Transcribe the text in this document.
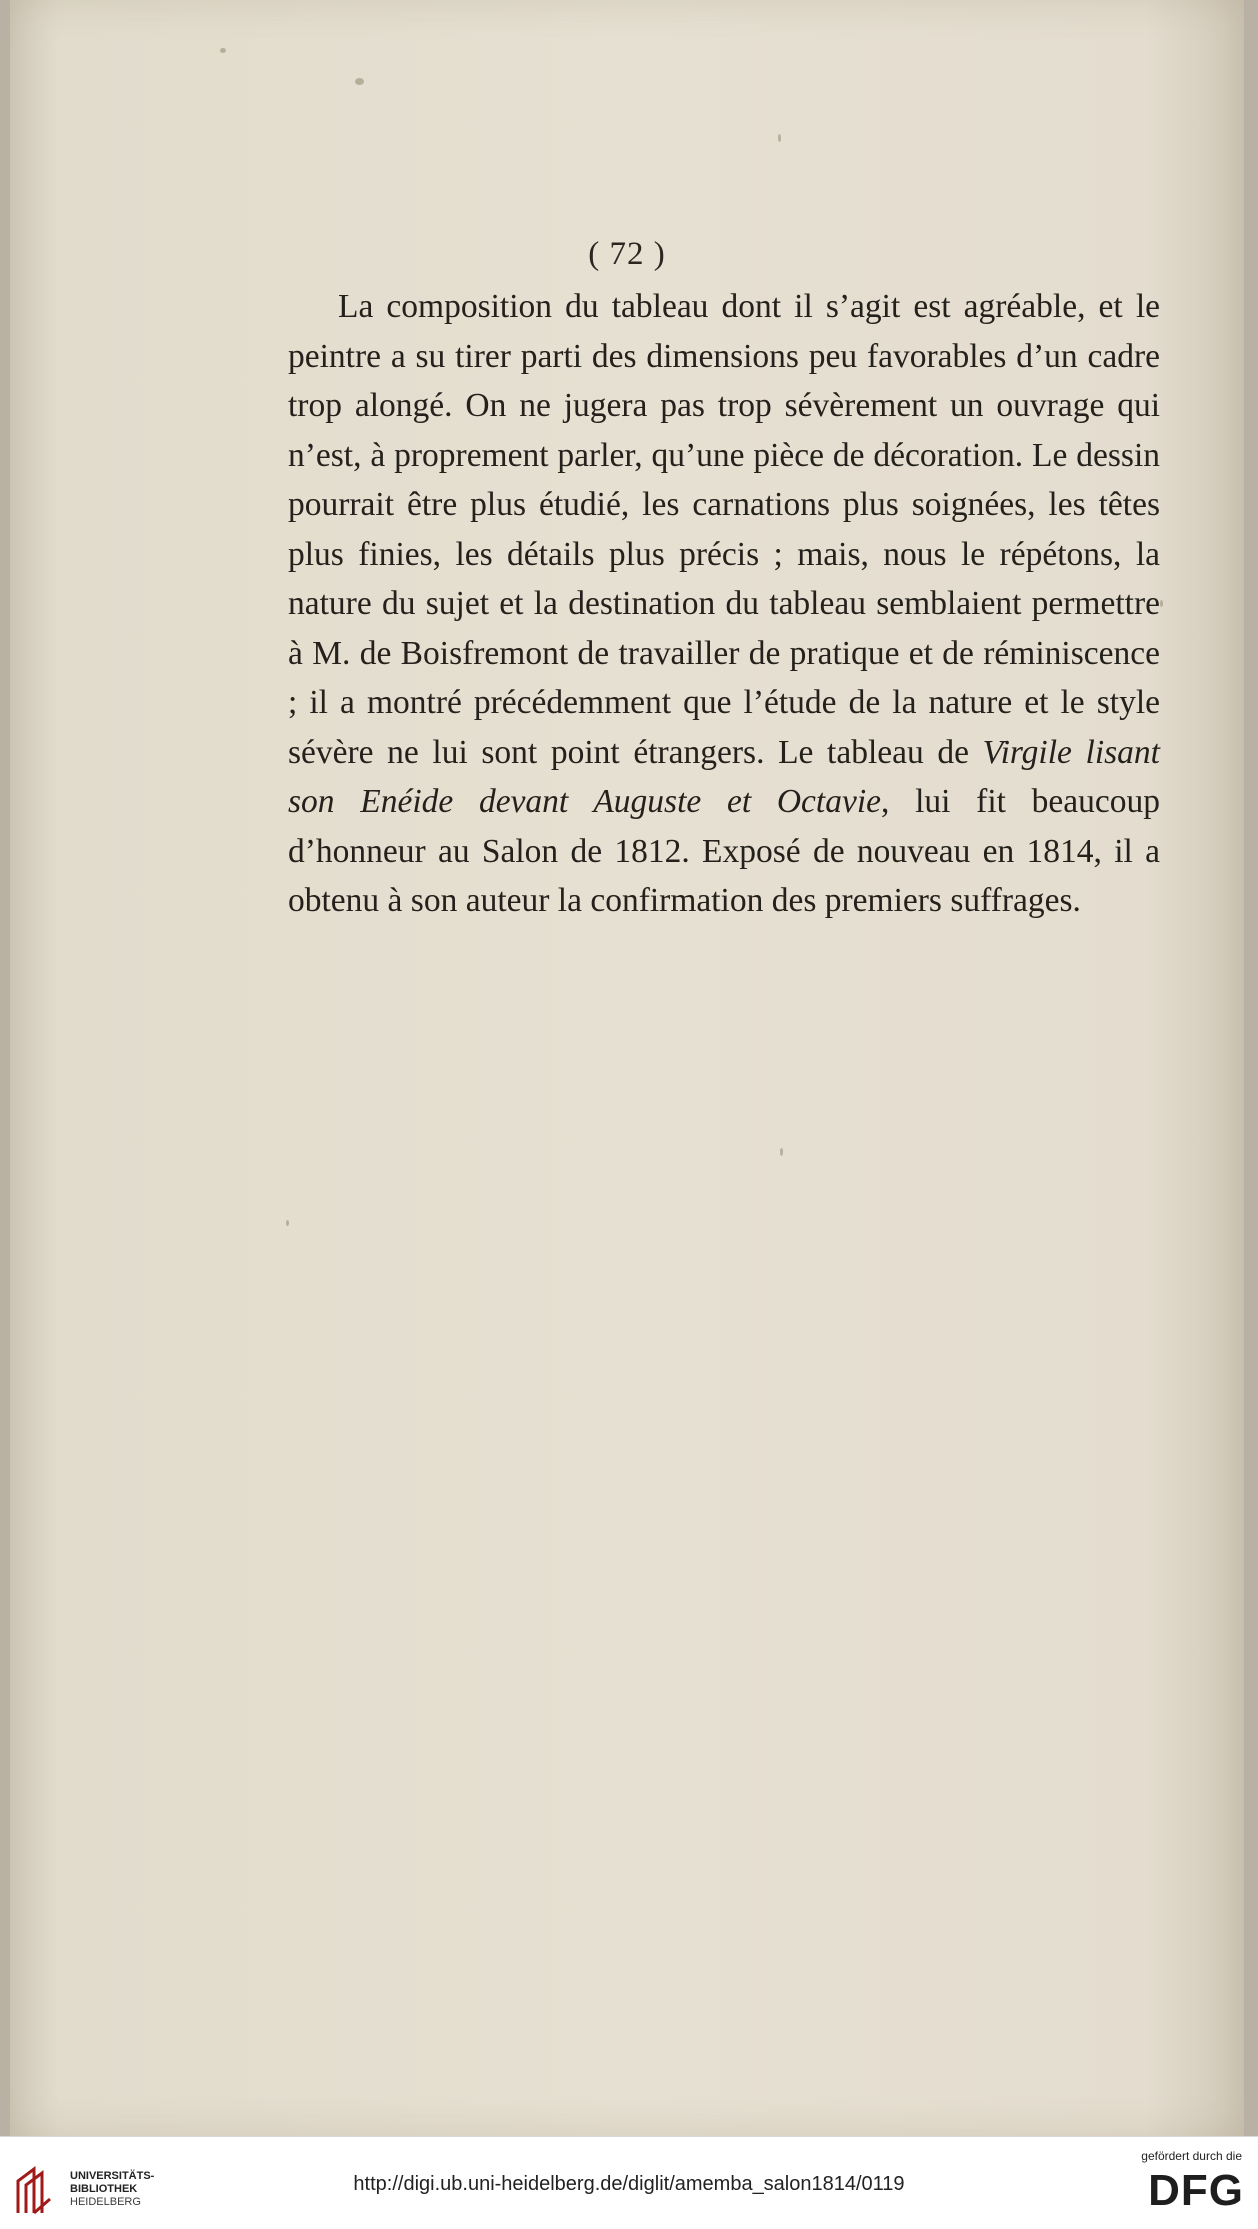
( 72 )

La composition du tableau dont il s’agit est agréable, et le peintre a su tirer parti des dimensions peu favorables d’un cadre trop alongé. On ne jugera pas trop sévèrement un ouvrage qui n’est, à proprement parler, qu’une pièce de décoration. Le dessin pourrait être plus étudié, les carnations plus soignées, les têtes plus finies, les détails plus précis ; mais, nous le répétons, la nature du sujet et la destination du tableau semblaient permettre à M. de Boisfremont de travailler de pratique et de réminiscence ; il a montré précédemment que l’étude de la nature et le style sévère ne lui sont point étrangers. Le tableau de Virgile lisant son Enéide devant Auguste et Octavie, lui fit beaucoup d’honneur au Salon de 1812. Exposé de nouveau en 1814, il a obtenu à son auteur la confirmation des premiers suffrages.

UNIVERSITÄTS-
BIBLIOTHEK
HEIDELBERG
http://digi.ub.uni-heidelberg.de/diglit/amemba_salon1814/0119
gefördert durch die
DFG
